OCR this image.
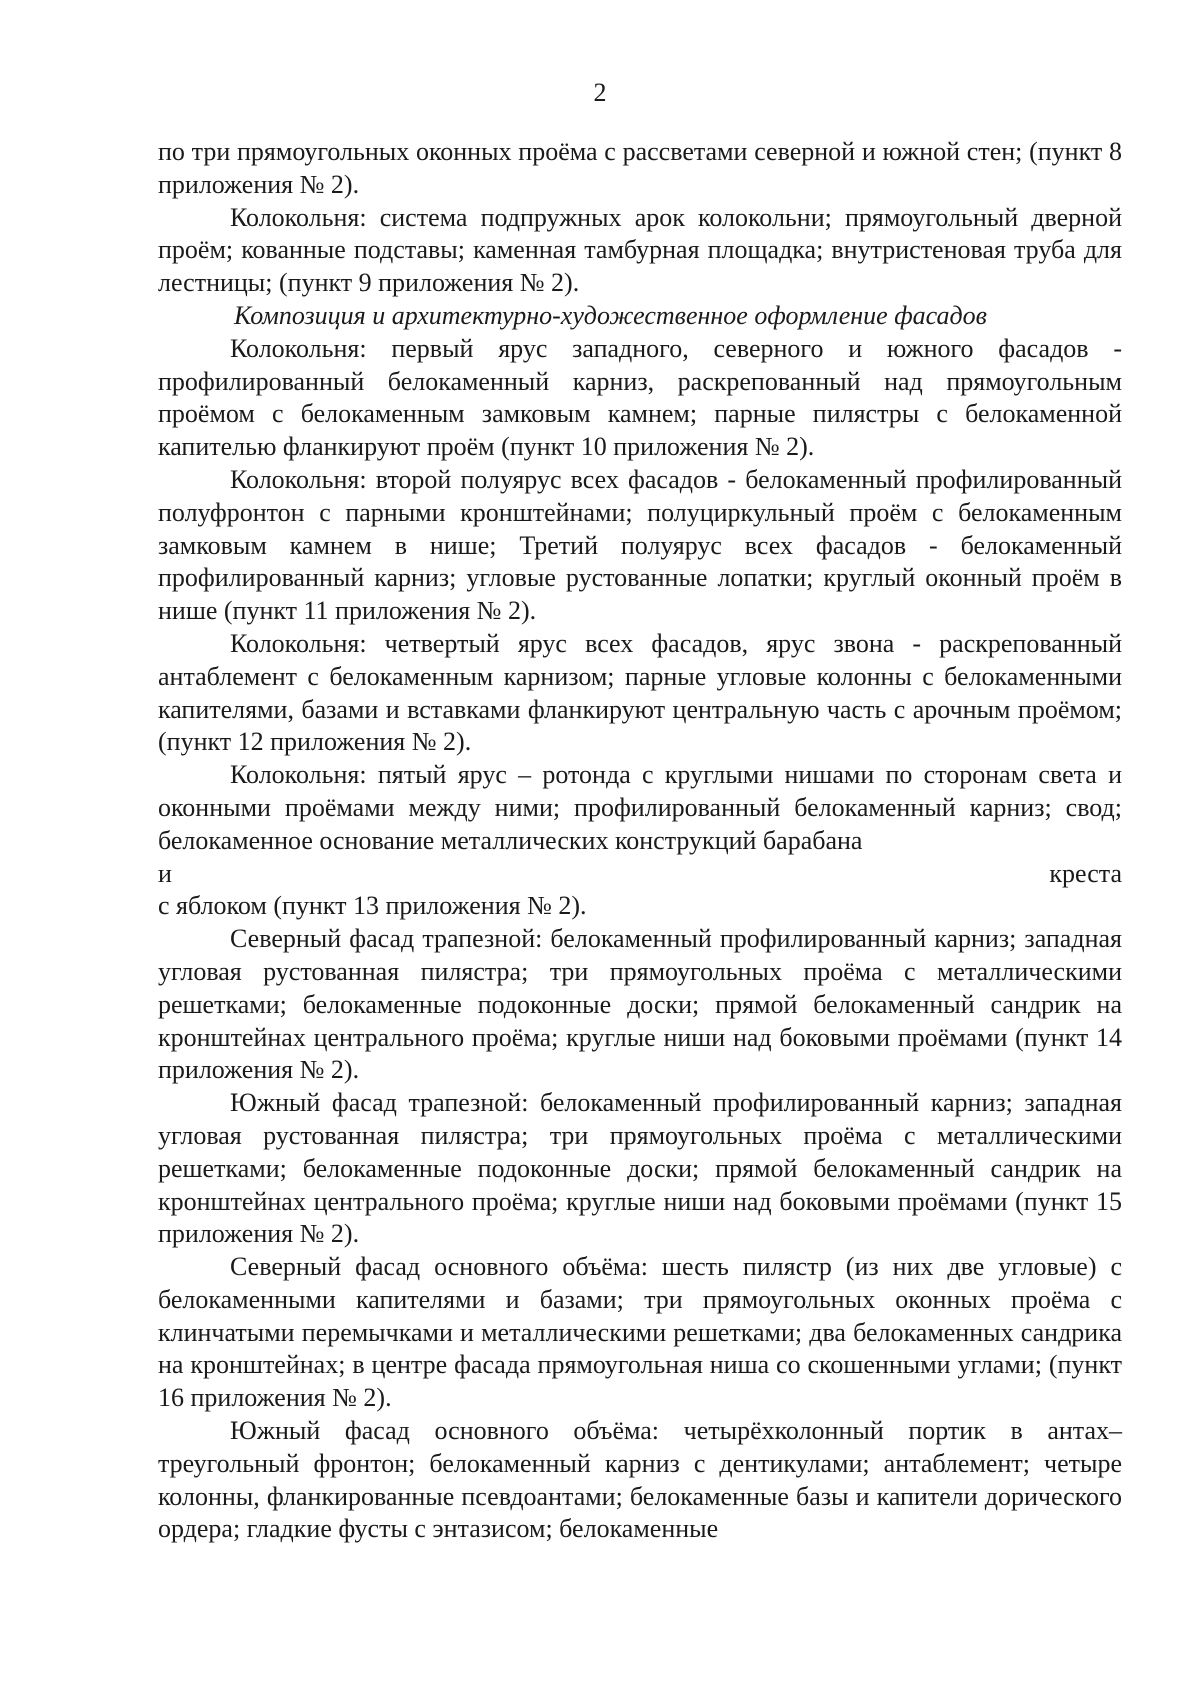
2

по три прямоугольных оконных проёма с рассветами северной и южной стен; (пункт 8 приложения № 2).

Колокольня: система подпружных арок колокольни; прямоугольный дверной проём; кованные подставы; каменная тамбурная площадка; внутристеновая труба для лестницы; (пункт 9 приложения № 2).

Композиция и архитектурно-художественное оформление фасадов

Колокольня: первый ярус западного, северного и южного фасадов - профилированный белокаменный карниз, раскрепованный над прямоугольным проёмом с белокаменным замковым камнем; парные пилястры с белокаменной капителью фланкируют проём (пункт 10 приложения № 2).

Колокольня: второй полуярус всех фасадов - белокаменный профилированный полуфронтон с парными кронштейнами; полуциркульный проём с белокаменным замковым камнем в нише; Третий полуярус всех фасадов - белокаменный профилированный карниз; угловые рустованные лопатки; круглый оконный проём в нише (пункт 11 приложения № 2).

Колокольня: четвертый ярус всех фасадов, ярус звона - раскрепованный антаблемент с белокаменным карнизом; парные угловые колонны с белокаменными капителями, базами и вставками фланкируют центральную часть с арочным проёмом; (пункт 12 приложения № 2).

Колокольня: пятый ярус – ротонда с круглыми нишами по сторонам света и оконными проёмами между ними; профилированный белокаменный карниз; свод; белокаменное основание металлических конструкций барабана

и	креста

с яблоком (пункт 13 приложения № 2).

Северный фасад трапезной: белокаменный профилированный карниз; западная угловая рустованная пилястра; три прямоугольных проёма с металлическими решетками; белокаменные подоконные доски; прямой белокаменный сандрик на кронштейнах центрального проёма; круглые ниши над боковыми проёмами (пункт 14 приложения № 2).

Южный фасад трапезной: белокаменный профилированный карниз; западная угловая рустованная пилястра; три прямоугольных проёма с металлическими решетками; белокаменные подоконные доски; прямой белокаменный сандрик на кронштейнах центрального проёма; круглые ниши над боковыми проёмами (пункт 15 приложения № 2).

Северный фасад основного объёма: шесть пилястр (из них две угловые) с белокаменными капителями и базами; три прямоугольных оконных проёма с клинчатыми перемычками и металлическими решетками; два белокаменных сандрика на кронштейнах; в центре фасада прямоугольная ниша со скошенными углами; (пункт 16 приложения № 2).

Южный фасад основного объёма: четырёхколонный портик в антах– треугольный фронтон; белокаменный карниз с дентикулами; антаблемент; четыре колонны, фланкированные псевдоантами; белокаменные базы и капители дорического ордера; гладкие фусты с энтазисом; белокаменные
